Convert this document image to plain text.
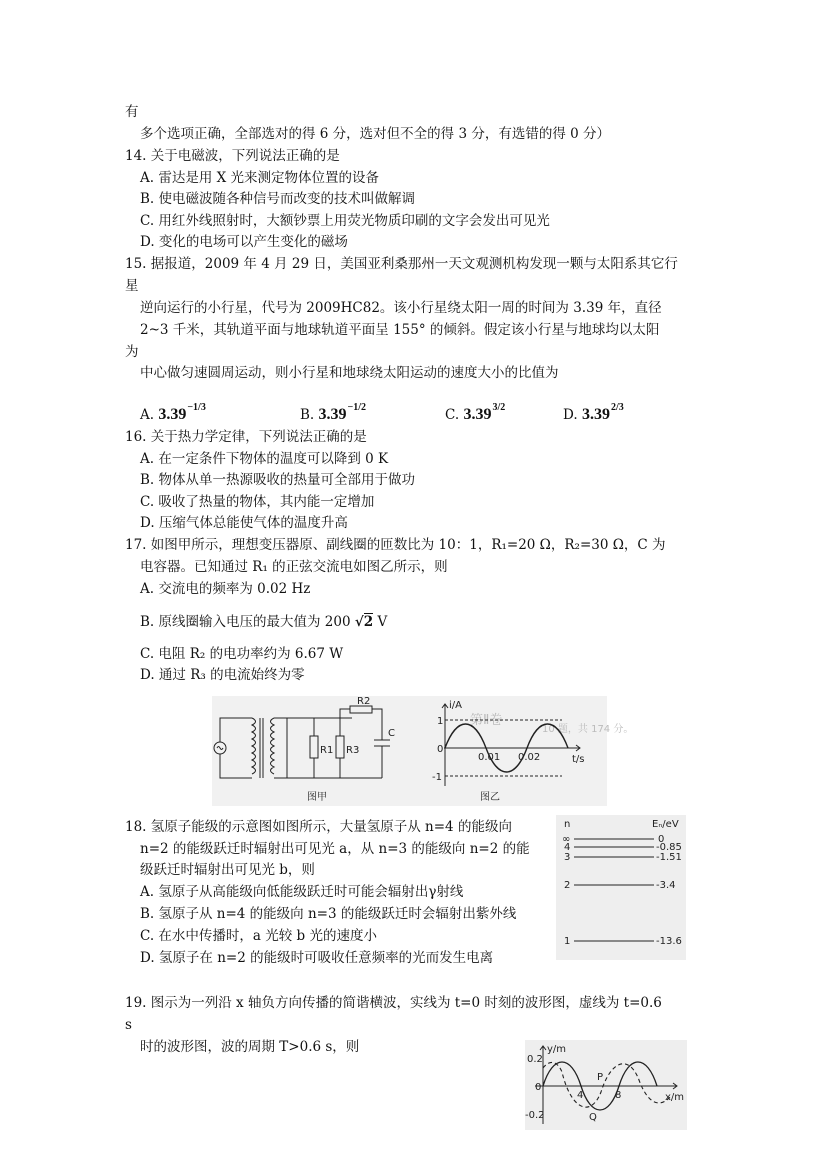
有
多个选项正确，全部选对的得 6 分，选对但不全的得 3 分，有选错的得 0 分）
14. 关于电磁波，下列说法正确的是
A. 雷达是用 X 光来测定物体位置的设备
B. 使电磁波随各种信号而改变的技术叫做解调
C. 用红外线照射时，大额钞票上用荧光物质印刷的文字会发出可见光
D. 变化的电场可以产生变化的磁场
15. 据报道，2009 年 4 月 29 日，美国亚利桑那州一天文观测机构发现一颗与太阳系其它行
星
逆向运行的小行星，代号为 2009HC82。该小行星绕太阳一周的时间为 3.39 年，直径
2~3 千米，其轨道平面与地球轨道平面呈 155° 的倾斜。假定该小行星与地球均以太阳
为
中心做匀速圆周运动，则小行星和地球绕太阳运动的速度大小的比值为
A. $3.39^{-1/3}$	B. $3.39^{-1/2}$	C. $3.39^{3/2}$	D. $3.39^{2/3}$
16. 关于热力学定律，下列说法正确的是
A. 在一定条件下物体的温度可以降到 0 K
B. 物体从单一热源吸收的热量可全部用于做功
C. 吸收了热量的物体，其内能一定增加
D. 压缩气体总能使气体的温度升高
17. 如图甲所示，理想变压器原、副线圈的匝数比为 10：1，R₁=20 Ω，R₂=30 Ω，C 为
电容器。已知通过 R₁ 的正弦交流电如图乙所示，则
A. 交流电的频率为 0.02 Hz
B. 原线圈输入电压的最大值为 200 √2 V
C. 电阻 R₂ 的电功率约为 6.67 W
D. 通过 R₃ 的电流始终为零
第Ⅱ卷
10 题，共 174 分。
R1 R3
R2
C
图甲
i/A
t/s
1
0
-1
0.01 0.02
图乙
18. 氢原子能级的示意图如图所示，大量氢原子从 n=4 的能级向
n=2 的能级跃迁时辐射出可见光 a，从 n=3 的能级向 n=2 的能
级跃迁时辐射出可见光 b，则
A. 氢原子从高能级向低能级跃迁时可能会辐射出γ射线
B. 氢原子从 n=4 的能级向 n=3 的能级跃迁时会辐射出紫外线
C. 在水中传播时，a 光较 b 光的速度小
D. 氢原子在 n=2 的能级时可吸收任意频率的光而发生电离
n	Eₙ/eV
∞	0
4	-0.85
3	-1.51
2	-3.4
1	-13.6
19. 图示为一列沿 x 轴负方向传播的简谐横波，实线为 t=0 时刻的波形图，虚线为 t=0.6
s
时的波形图，波的周期 T>0.6 s，则	y/m
x/m
0.2
0
-0.2
4	8
P
Q
